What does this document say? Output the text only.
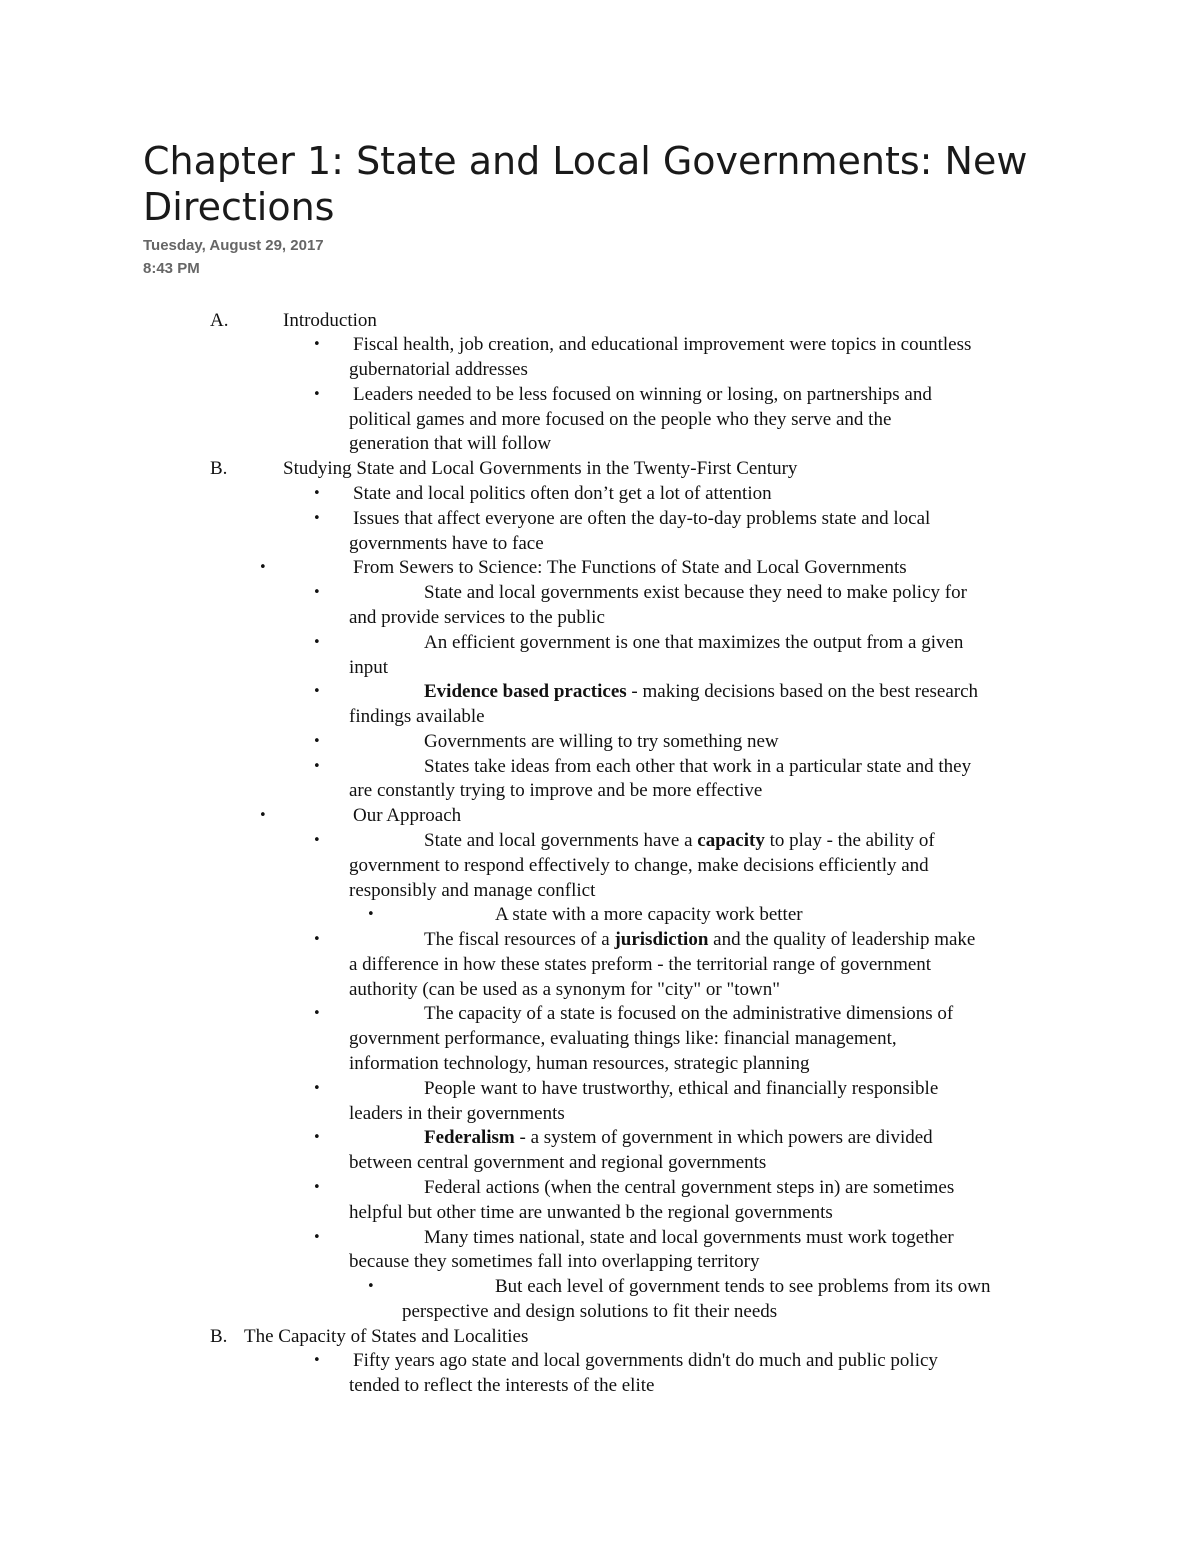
Chapter 1: State and Local Governments: New Directions
Tuesday, August 29, 2017
8:43 PM
A.	Introduction
• Fiscal health, job creation, and educational improvement were topics in countless
gubernatorial addresses
• Leaders needed to be less focused on winning or losing, on partnerships and
political games and more focused on the people who they serve and the
generation that will follow
B.	Studying State and Local Governments in the Twenty-First Century
• State and local politics often don’t get a lot of attention
• Issues that affect everyone are often the day-to-day problems state and local
governments have to face
•	From Sewers to Science: The Functions of State and Local Governments
•	State and local governments exist because they need to make policy for
and provide services to the public
•	An efficient government is one that maximizes the output from a given
input
•	Evidence based practices - making decisions based on the best research
findings available
•	Governments are willing to try something new
•	States take ideas from each other that work in a particular state and they
are constantly trying to improve and be more effective
•	Our Approach
•	State and local governments have a capacity to play - the ability of
government to respond effectively to change, make decisions efficiently and
responsibly and manage conflict
•	A state with a more capacity work better
•	The fiscal resources of a jurisdiction and the quality of leadership make
a difference in how these states preform - the territorial range of government
authority (can be used as a synonym for "city" or "town"
•	The capacity of a state is focused on the administrative dimensions of
government performance, evaluating things like: financial management,
information technology, human resources, strategic planning
•	People want to have trustworthy, ethical and financially responsible
leaders in their governments
•	Federalism - a system of government in which powers are divided
between central government and regional governments
•	Federal actions (when the central government steps in) are sometimes
helpful but other time are unwanted b the regional governments
•	Many times national, state and local governments must work together
because they sometimes fall into overlapping territory
•	But each level of government tends to see problems from its own
perspective and design solutions to fit their needs
B. The Capacity of States and Localities
• Fifty years ago state and local governments didn't do much and public policy
tended to reflect the interests of the elite
